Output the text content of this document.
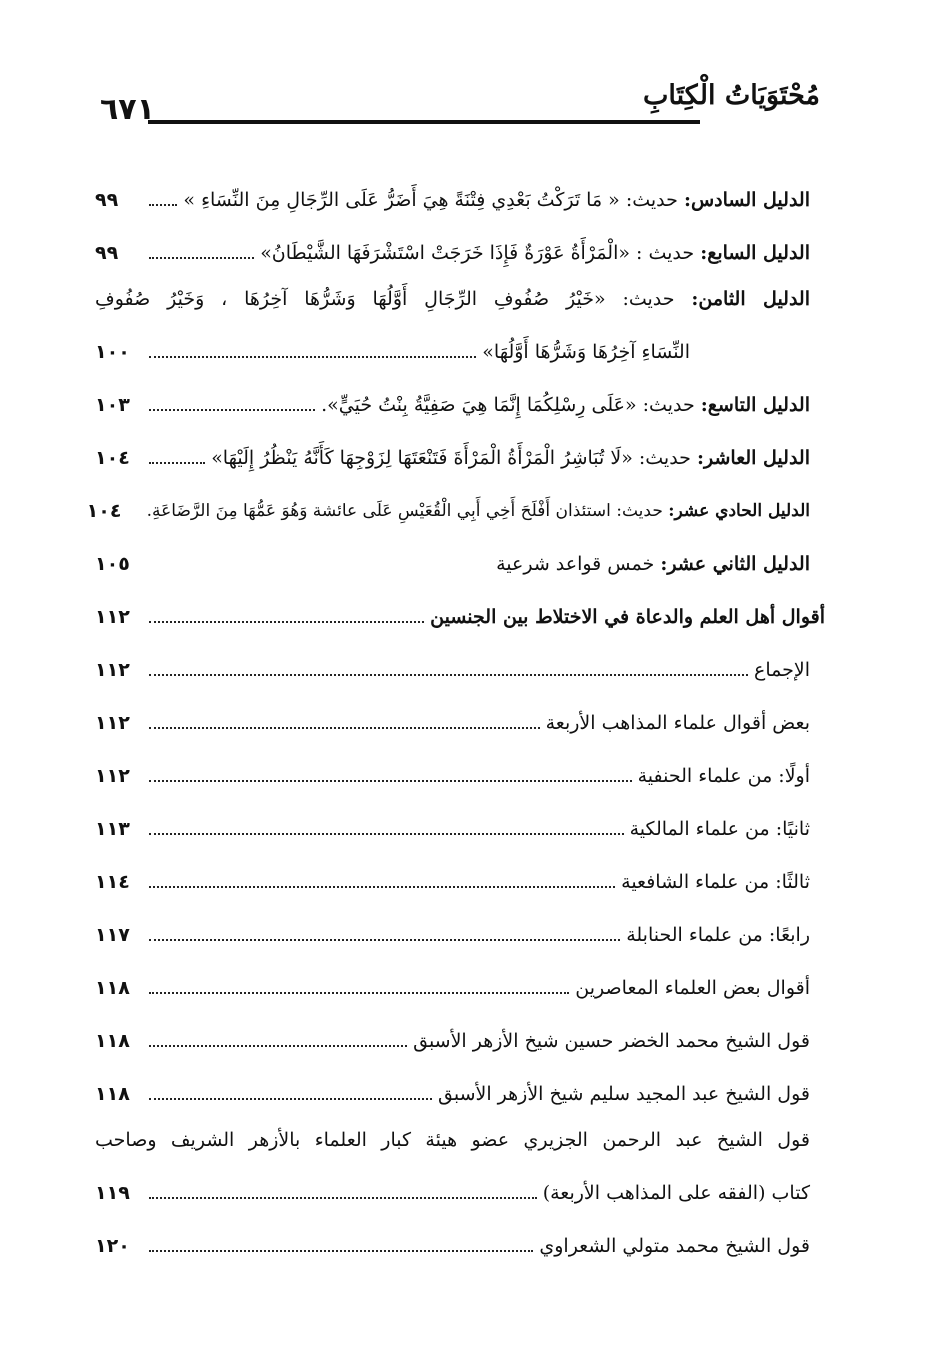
٦٧١	مُحْتَوَيَاتُ الْكِتَابِ
الدليل السادس: حديث: « مَا تَرَكْتُ بَعْدِي فِتْنَةً هِيَ أَضَرُّ عَلَى الرِّجَالِ مِنَ النِّسَاءِ »
٩٩
الدليل السابع: حديث : «الْمَرْأَةُ عَوْرَةٌ فَإِذَا خَرَجَتْ اسْتَشْرَفَهَا الشَّيْطَانُ»
٩٩
الدليل الثامن: حديث: «خَيْرُ صُفُوفِ الرِّجَالِ أَوَّلُهَا وَشَرُّهَا آخِرُهَا ، وَخَيْرُ صُفُوفِ
النِّسَاءِ آخِرُهَا وَشَرُّهَا أَوَّلُهَا»
١٠٠
الدليل التاسع: حديث: «عَلَى رِسْلِكُمَا إِنَّمَا هِيَ صَفِيَّةُ بِنْتُ حُيَيٍّ».
١٠٣
الدليل العاشر: حديث: «لَا تُبَاشِرُ الْمَرْأَةُ الْمَرْأَةَ فَتَنْعَتَهَا لِزَوْجِهَا كَأَنَّهُ يَنْظُرُ إِلَيْهَا»
١٠٤
الدليل الحادي عشر: حديث: استئذان أَفْلَحَ أَخِي أَبِي الْقُعَيْسِ عَلَى عائشة وَهُوَ عَمُّهَا مِنَ الرَّضَاعَةِ.
١٠٤
الدليل الثاني عشر: خمس قواعد شرعية
١٠٥
أقوال أهل العلم والدعاة في الاختلاط بين الجنسين
١١٢
الإجماع
١١٢
بعض أقوال علماء المذاهب الأربعة
١١٢
أولًا: من علماء الحنفية
١١٢
ثانيًا: من علماء المالكية
١١٣
ثالثًا: من علماء الشافعية
١١٤
رابعًا: من علماء الحنابلة
١١٧
أقوال بعض العلماء المعاصرين
١١٨
قول الشيخ محمد الخضر حسين شيخ الأزهر الأسبق
١١٨
قول الشيخ عبد المجيد سليم شيخ الأزهر الأسبق
١١٨
قول الشيخ عبد الرحمن الجزيري عضو هيئة كبار العلماء بالأزهر الشريف وصاحب
كتاب (الفقه على المذاهب الأربعة)
١١٩
قول الشيخ محمد متولي الشعراوي
١٢٠
